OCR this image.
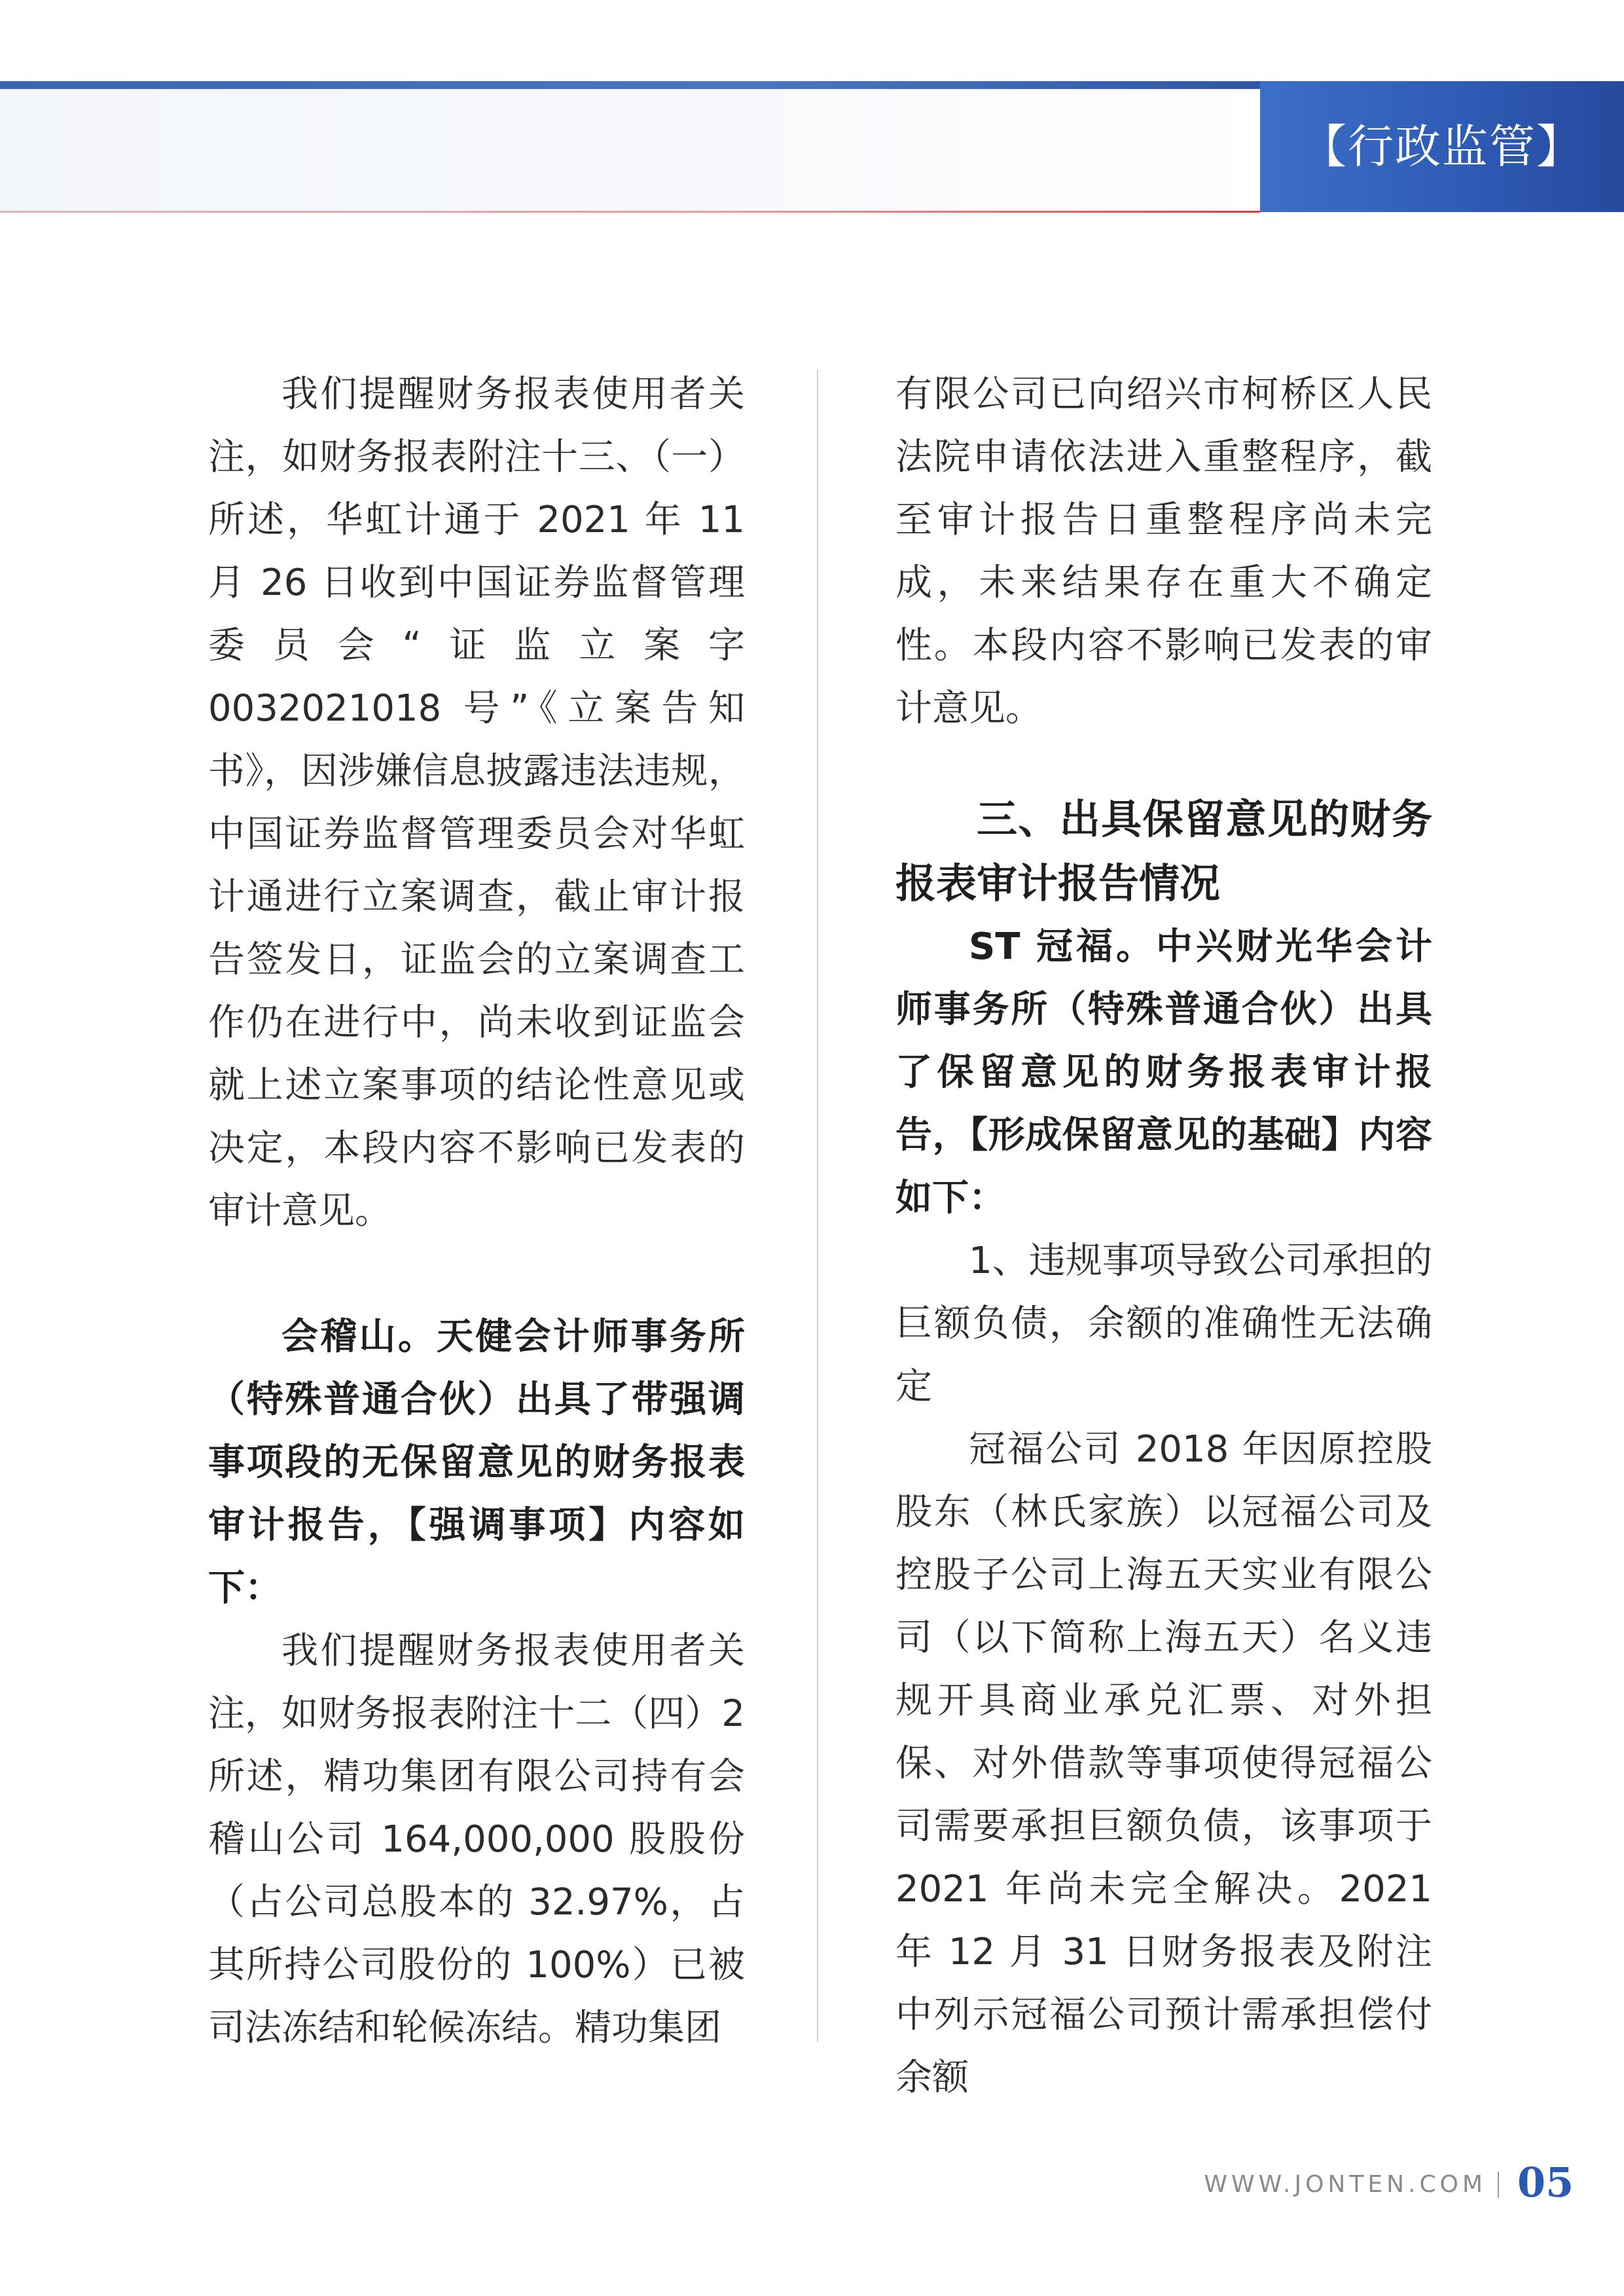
【行政监管】

我们提醒财务报表使用者关注，如财务报表附注十三、（一）所述，华虹计通于 2021 年 11 月 26 日收到中国证券监督管理委员会“证监立案字 0032021018 号”《立案告知书》，因涉嫌信息披露违法违规，中国证券监督管理委员会对华虹计通进行立案调查，截止审计报告签发日，证监会的立案调查工作仍在进行中，尚未收到证监会就上述立案事项的结论性意见或决定，本段内容不影响已发表的审计意见。

会稽山。天健会计师事务所（特殊普通合伙）出具了带强调事项段的无保留意见的财务报表审计报告，【强调事项】内容如下：

我们提醒财务报表使用者关注，如财务报表附注十二（四）2 所述，精功集团有限公司持有会稽山公司 164,000,000 股股份（占公司总股本的 32.97%，占其所持公司股份的 100%）已被司法冻结和轮候冻结。精功集团

有限公司已向绍兴市柯桥区人民法院申请依法进入重整程序，截至审计报告日重整程序尚未完成，未来结果存在重大不确定性。本段内容不影响已发表的审计意见。

三、出具保留意见的财务报表审计报告情况

ST 冠福。中兴财光华会计师事务所（特殊普通合伙）出具了保留意见的财务报表审计报告，【形成保留意见的基础】内容如下：

1、违规事项导致公司承担的巨额负债，余额的准确性无法确定

冠福公司 2018 年因原控股股东（林氏家族）以冠福公司及控股子公司上海五天实业有限公司（以下简称上海五天）名义违规开具商业承兑汇票、对外担保、对外借款等事项使得冠福公司需要承担巨额负债，该事项于 2021 年尚未完全解决。2021 年 12 月 31 日财务报表及附注中列示冠福公司预计需承担偿付余额

WWW.JONTEN.COM 05
